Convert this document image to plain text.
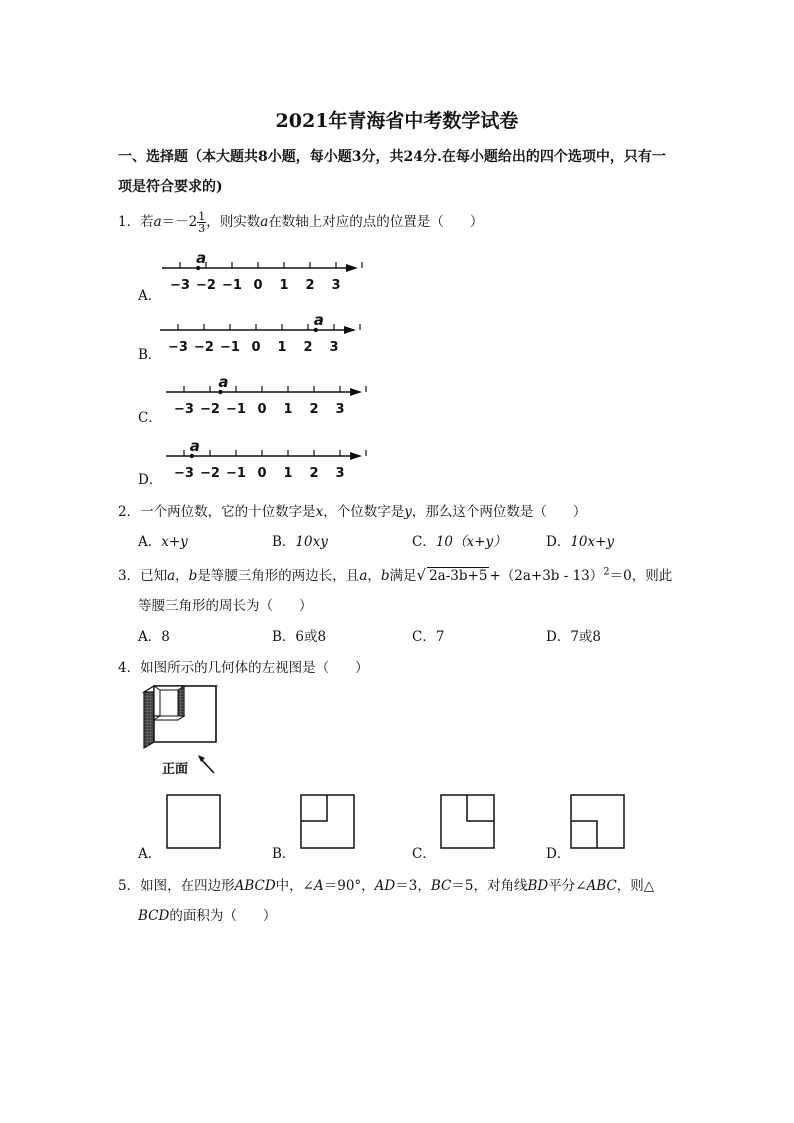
2021年青海省中考数学试卷
一、选择题（本大题共8小题，每小题3分，共24分.在每小题给出的四个选项中，只有一
项是符合要求的)
1．若$a=-2 \frac{1}{3}$ ，则实数a在数轴上对应的点的位置是（ ）
A．
−3 −2 −1 0 1 2 3
a
B． −3 −2 −1 0 1 2 3
a
C．
−3 −2 −1 0 1 2 3
a
D． −3 −2 −1 0 1 2 3
a
2．一个两位数，它的十位数字是x，个位数字是y，那么这个两位数是（ ）
A．x+y	B．10xy	C．10（x+y）	D．10x+y
3．已知a，b是等腰三角形的两边长，且a，b满足√ $2a-3b+5 +(2a+3b - 13)^2=0$，则此
等腰三角形的周长为（ ）
A．8	B．6或8	C．7	D．7或8
4．如图所示的几何体的左视图是（ ）
正面
A．	B．	C．	D．
5．如图，在四边形ABCD中，∠A＝90°，AD＝3，BC＝5，对角线BD平分∠ABC，则△
BCD的面积为（ ）
